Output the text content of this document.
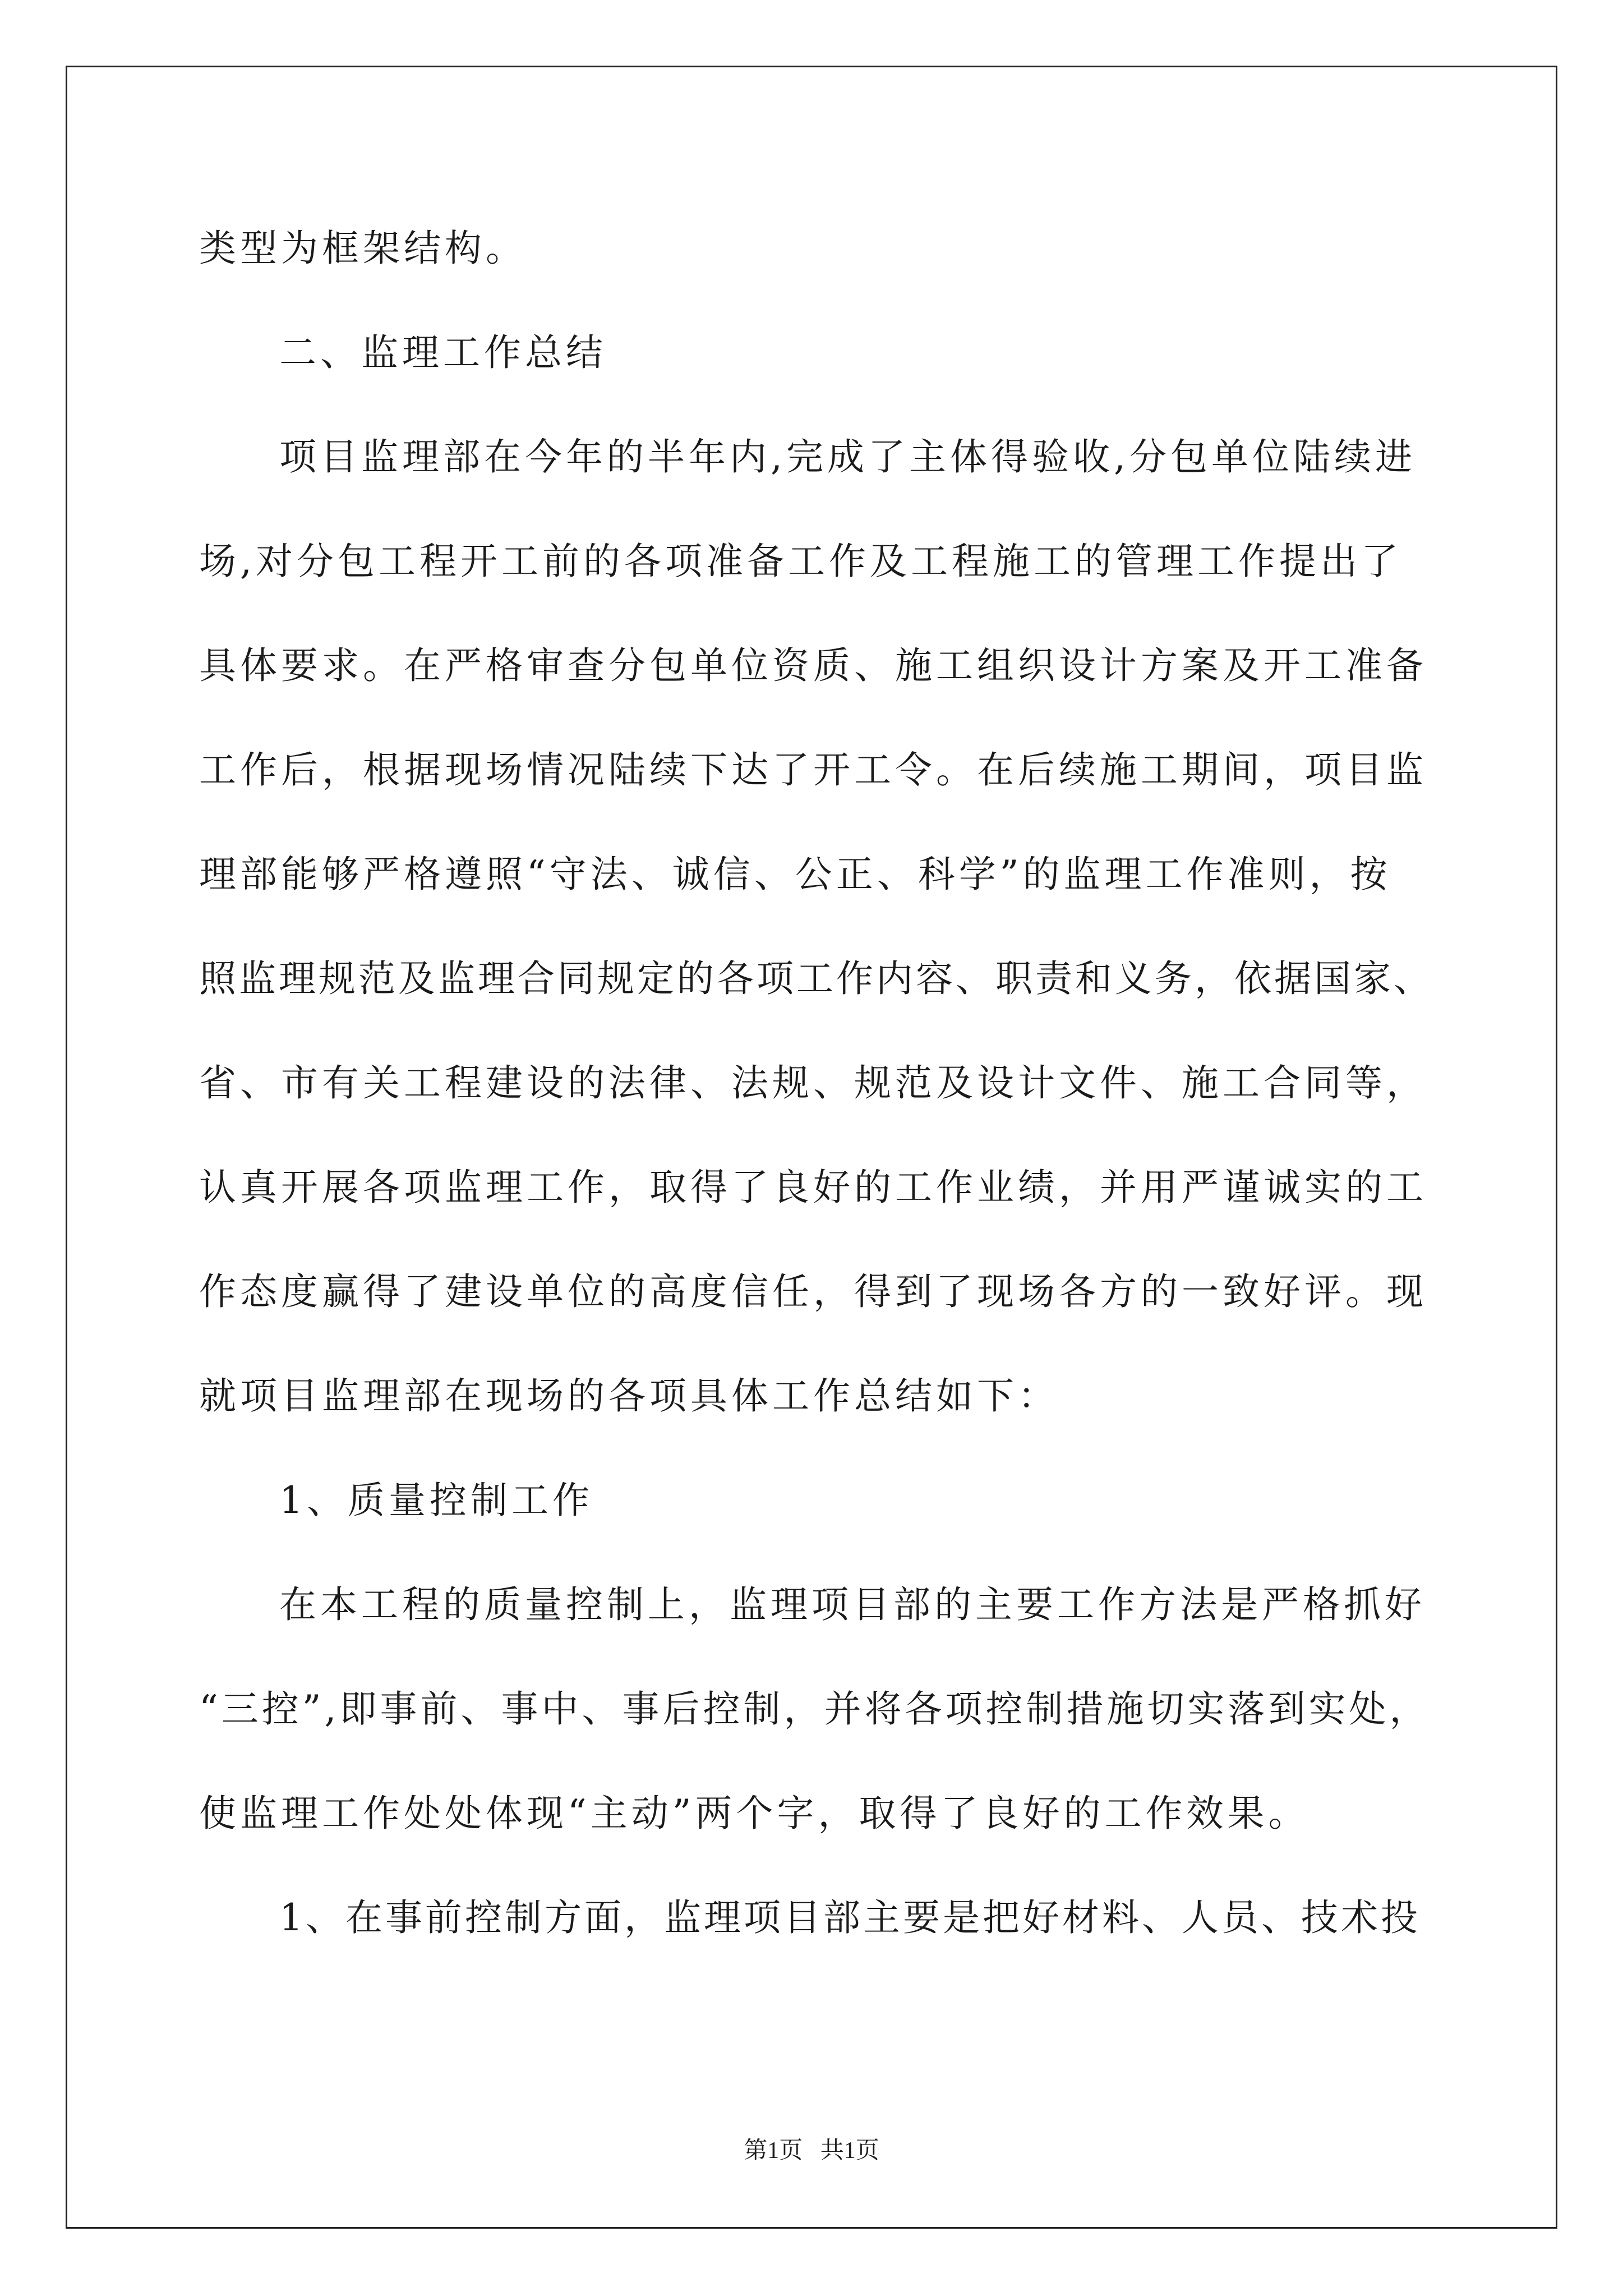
类型为框架结构。
二、监理工作总结
项目监理部在今年的半年内,完成了主体得验收,分包单位陆续进
场,对分包工程开工前的各项准备工作及工程施工的管理工作提出了
具体要求。在严格审查分包单位资质、施工组织设计方案及开工准备
工作后，根据现场情况陆续下达了开工令。在后续施工期间，项目监
理部能够严格遵照“守法、诚信、公正、科学”的监理工作准则，按
照监理规范及监理合同规定的各项工作内容、职责和义务，依据国家、
省、市有关工程建设的法律、法规、规范及设计文件、施工合同等，
认真开展各项监理工作，取得了良好的工作业绩，并用严谨诚实的工
作态度赢得了建设单位的高度信任，得到了现场各方的一致好评。现
就项目监理部在现场的各项具体工作总结如下：
1、质量控制工作
在本工程的质量控制上，监理项目部的主要工作方法是严格抓好
“三控”,即事前、事中、事后控制，并将各项控制措施切实落到实处，
使监理工作处处体现“主动”两个字，取得了良好的工作效果。
1、在事前控制方面，监理项目部主要是把好材料、人员、技术投
第1页   共1页
